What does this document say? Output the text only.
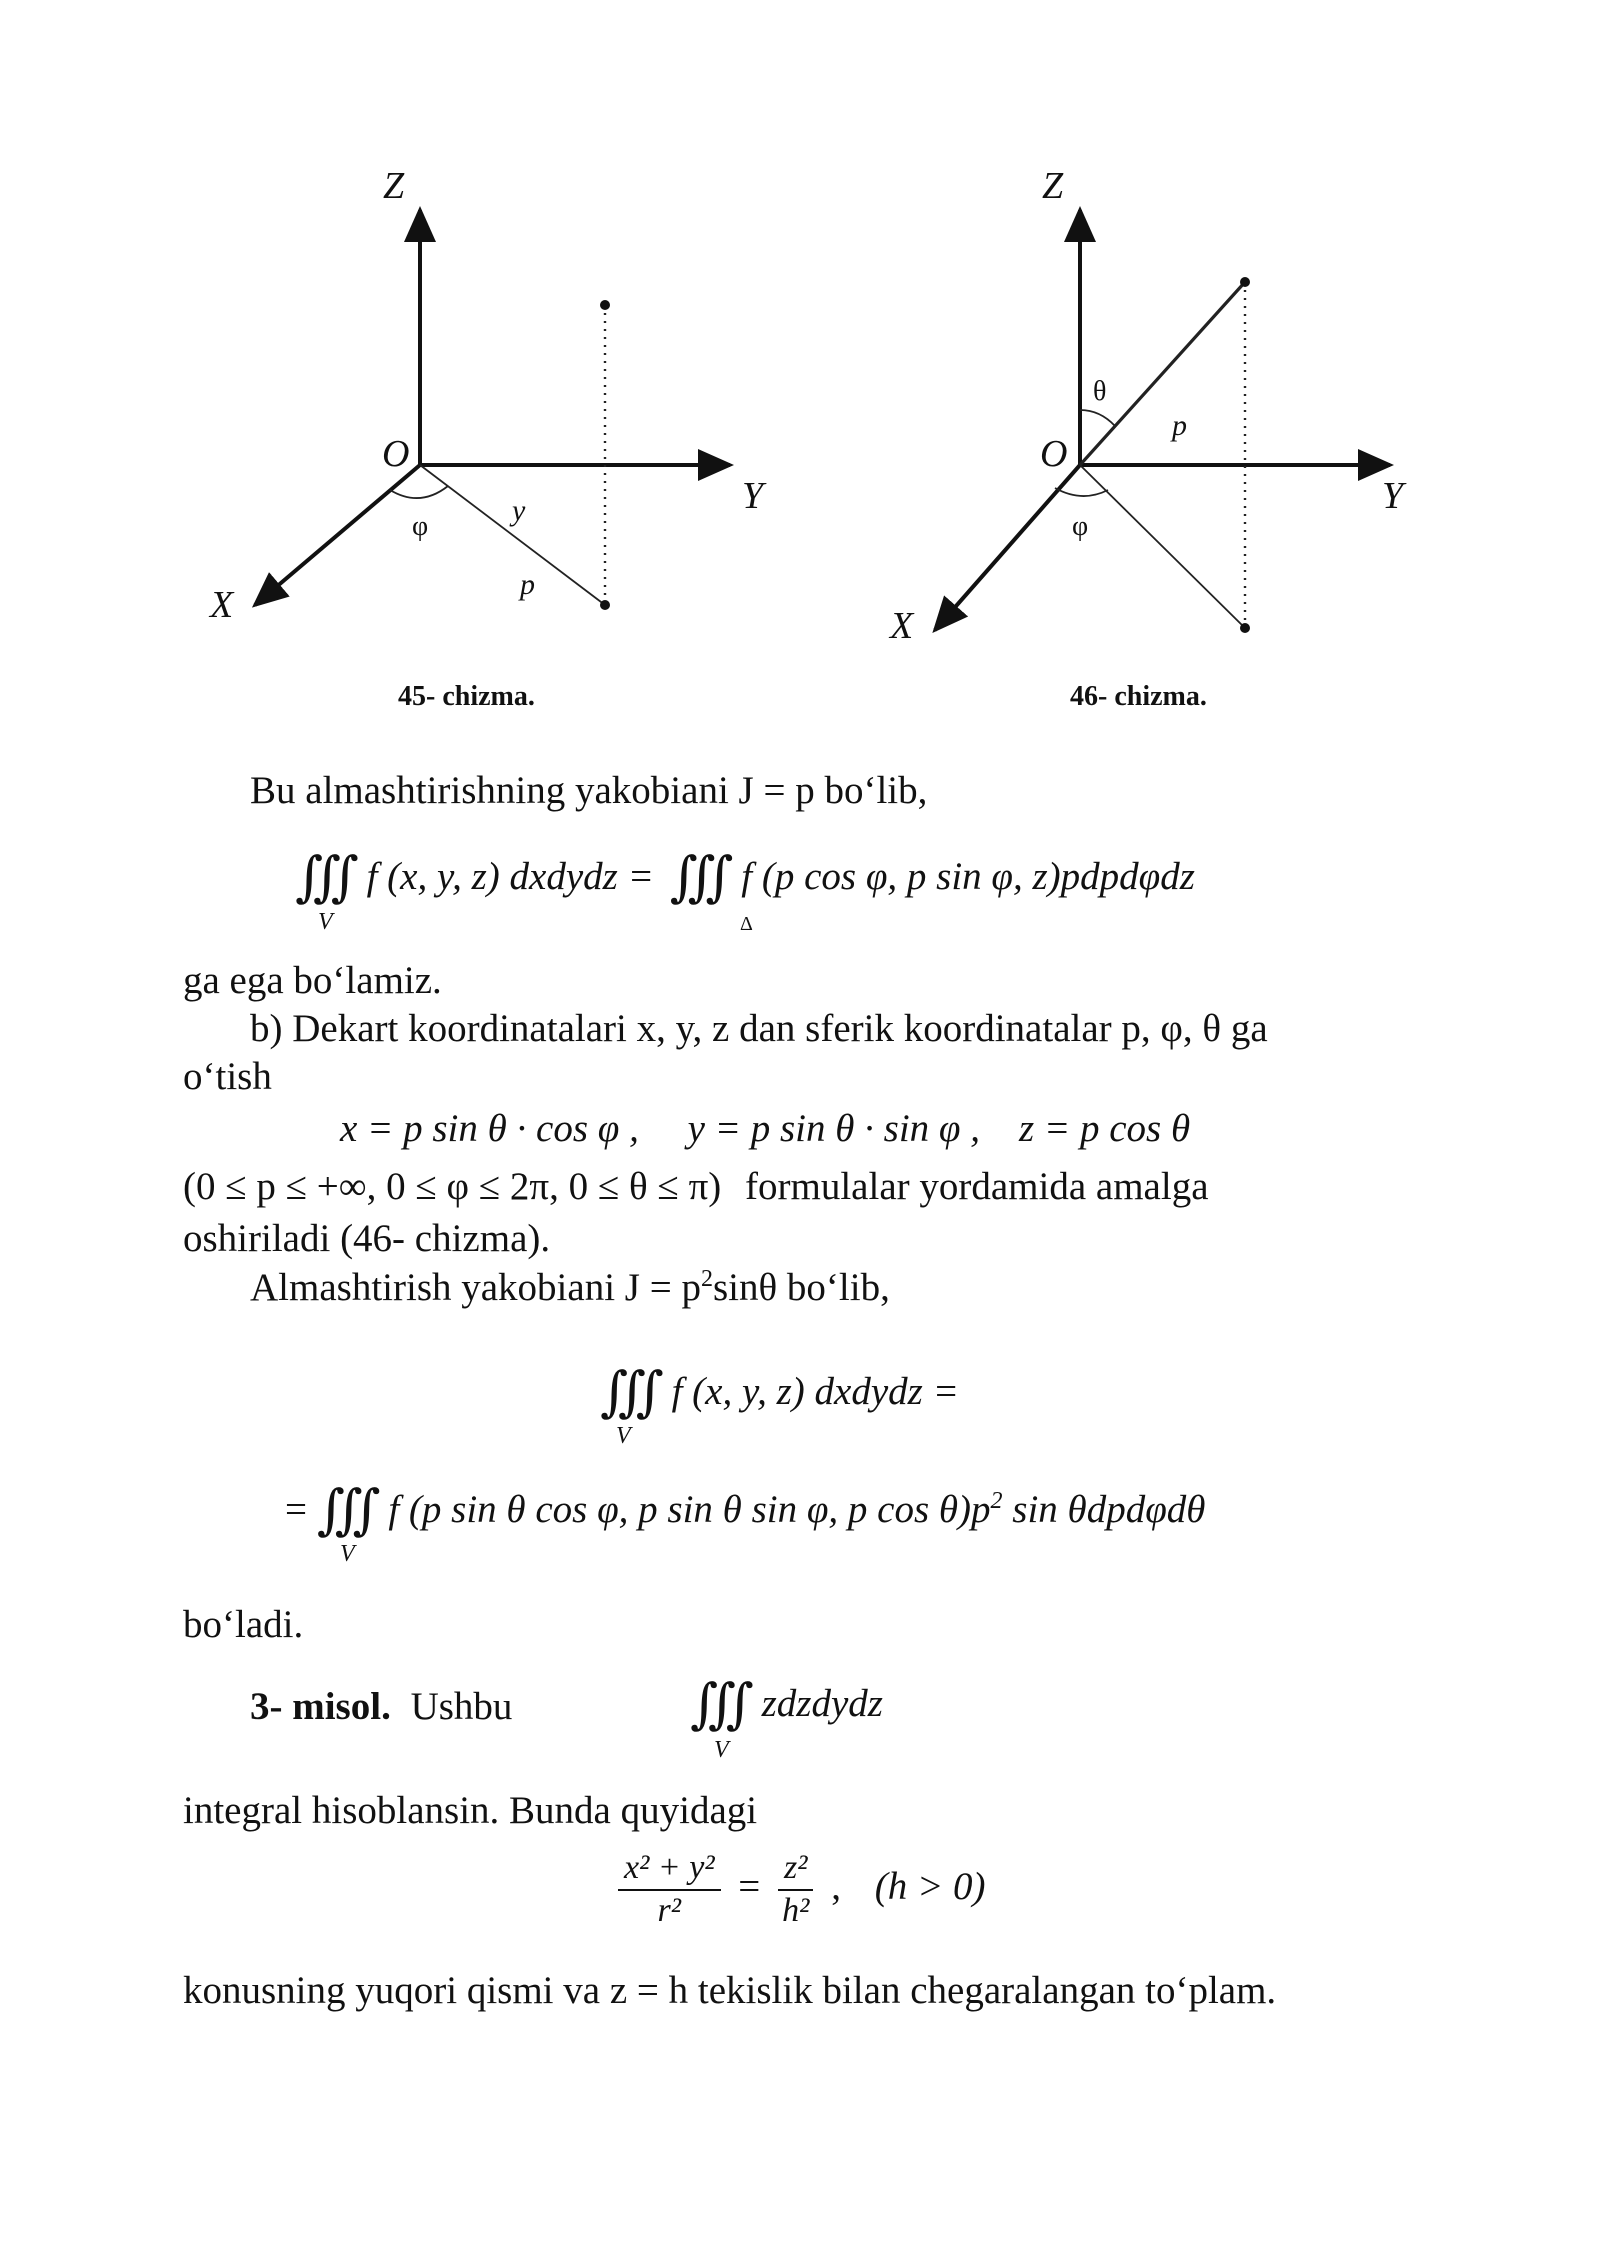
Z
Y
X
O
φ	y
p
Z
Y
X
O
θ
φ
p
45- chizma.	46- chizma.
Bu almashtirishning yakobiani J = p bo‘lib,
∭ f (x, y, z) dxdydz = ∭ f (p cos φ, p sin φ, z)pdpdφdz
V	Δ
ga ega bo‘lamiz.
b) Dekart koordinatalari x, y, z dan sferik koordinatalar p, φ, θ ga
o‘tish
x = p sin θ · cos φ ,     y = p sin θ · sin φ ,    z = p cos θ
(0 ≤ p ≤ +∞, 0 ≤ φ ≤ 2π, 0 ≤ θ ≤ π) formulalar yordamida amalga
oshiriladi (46- chizma).
Almashtirish yakobiani $J = p^2\sin\theta$ bo‘lib,
∭ f (x, y, z) dxdydz =
V
= ∭ f (p sin θ cos φ, p sin θ sin φ, p $\cos \theta)p^2$ sin θdpdφdθ
V
bo‘ladi.
3- misol. Ushbu	∭ zdzdydz
V
integral hisoblansin. Bunda quyidagi
$\frac{\text{x² + y²}}{\text{r²}} = \frac{\text{z²}}{\text{h²}}$ , (h > 0)
konusning yuqori qismi va z = h tekislik bilan chegaralangan to‘plam.
